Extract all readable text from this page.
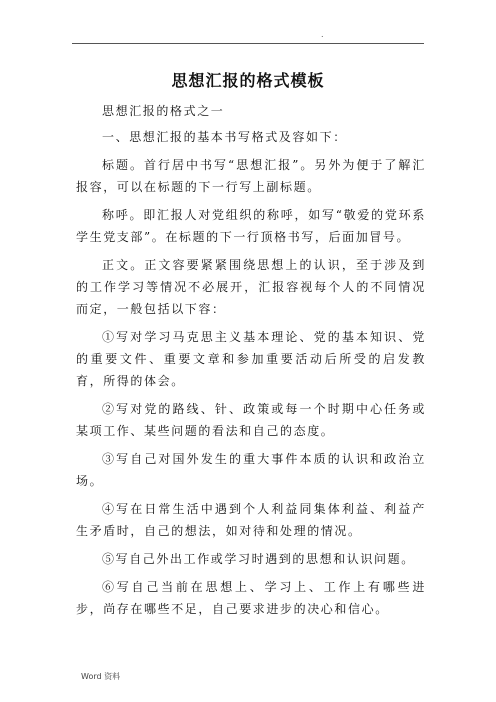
.
思想汇报的格式模板

思想汇报的格式之一

一、思想汇报的基本书写格式及容如下：

标题。首行居中书写“思想汇报”。另外为便于了解汇报容，可以在标题的下一行写上副标题。

称呼。即汇报人对党组织的称呼，如写“敬爱的党环系学生党支部”。在标题的下一行顶格书写，后面加冒号。

正文。正文容要紧紧围绕思想上的认识，至于涉及到的工作学习等情况不必展开，汇报容视每个人的不同情况而定，一般包括以下容：

①写对学习马克思主义基本理论、党的基本知识、党的重要文件、重要文章和参加重要活动后所受的启发教育，所得的体会。

②写对党的路线、针、政策或每一个时期中心任务或某项工作、某些问题的看法和自己的态度。

③写自己对国外发生的重大事件本质的认识和政治立场。

④写在日常生活中遇到个人利益同集体利益、利益产生矛盾时，自己的想法，如对待和处理的情况。

⑤写自己外出工作或学习时遇到的思想和认识问题。

⑥写自己当前在思想上、学习上、工作上有哪些进步，尚存在哪些不足，自己要求进步的决心和信心。

Word 资料
